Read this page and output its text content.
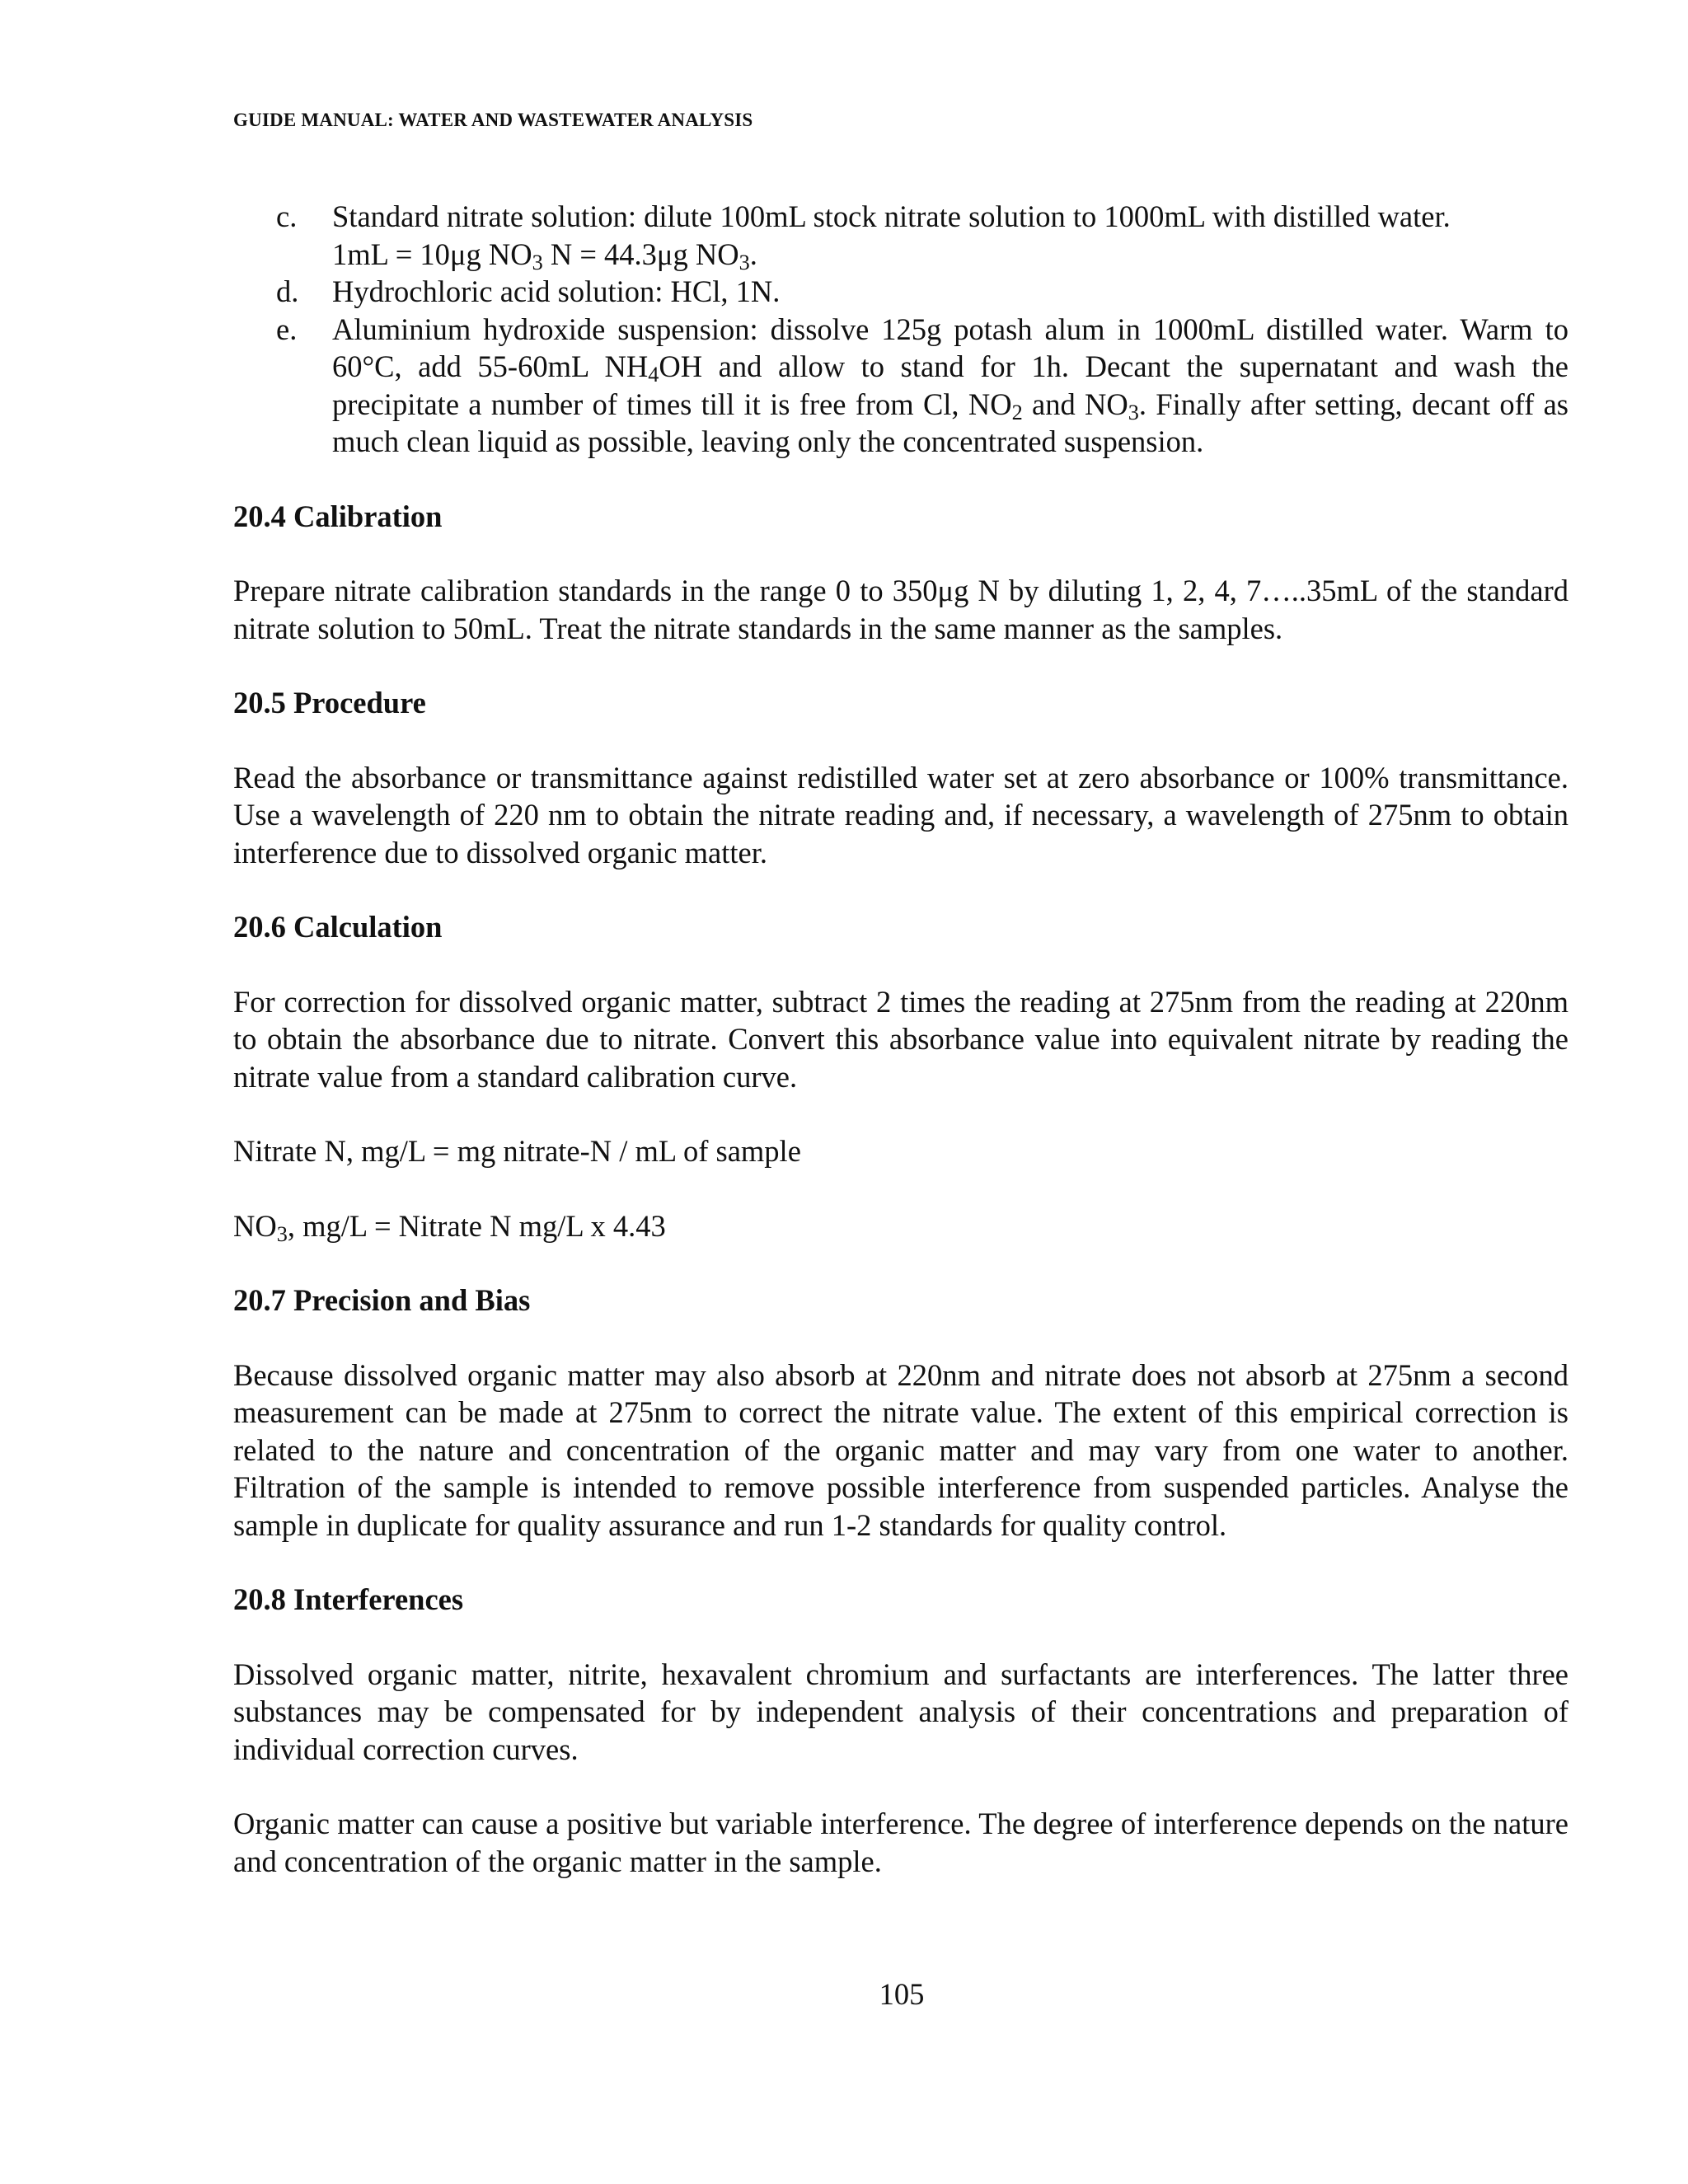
GUIDE MANUAL: WATER AND WASTEWATER ANALYSIS
c. Standard nitrate solution: dilute 100mL stock nitrate solution to 1000mL with distilled water.
1mL = 10μg $NO_3$ N = 44.3μg $NO_3$.
d. Hydrochloric acid solution: HCl, 1N.
e. Aluminium hydroxide suspension: dissolve 125g potash alum in 1000mL distilled water. Warm to 60°C, add 55-60mL $NH_4OH$ and allow to stand for 1h. Decant the supernatant and wash the precipitate a number of times till it is free from Cl, $NO_2$ and $NO_3$. Finally after setting, decant off as much clean liquid as possible, leaving only the concentrated suspension.

20.4 Calibration

Prepare nitrate calibration standards in the range 0 to 350μg N by diluting 1, 2, 4, 7…..35mL of the standard nitrate solution to 50mL. Treat the nitrate standards in the same manner as the samples.

20.5 Procedure

Read the absorbance or transmittance against redistilled water set at zero absorbance or 100% transmittance. Use a wavelength of 220 nm to obtain the nitrate reading and, if necessary, a wavelength of 275nm to obtain interference due to dissolved organic matter.

20.6 Calculation

For correction for dissolved organic matter, subtract 2 times the reading at 275nm from the reading at 220nm to obtain the absorbance due to nitrate. Convert this absorbance value into equivalent nitrate by reading the nitrate value from a standard calibration curve.

Nitrate N, mg/L = mg nitrate-N / mL of sample

$NO_3$, mg/L = Nitrate N mg/L x 4.43

20.7 Precision and Bias

Because dissolved organic matter may also absorb at 220nm and nitrate does not absorb at 275nm a second measurement can be made at 275nm to correct the nitrate value. The extent of this empirical correction is related to the nature and concentration of the organic matter and may vary from one water to another. Filtration of the sample is intended to remove possible interference from suspended particles. Analyse the sample in duplicate for quality assurance and run 1-2 standards for quality control.

20.8 Interferences

Dissolved organic matter, nitrite, hexavalent chromium and surfactants are interferences. The latter three substances may be compensated for by independent analysis of their concentrations and preparation of individual correction curves.

Organic matter can cause a positive but variable interference. The degree of interference depends on the nature and concentration of the organic matter in the sample.

105
